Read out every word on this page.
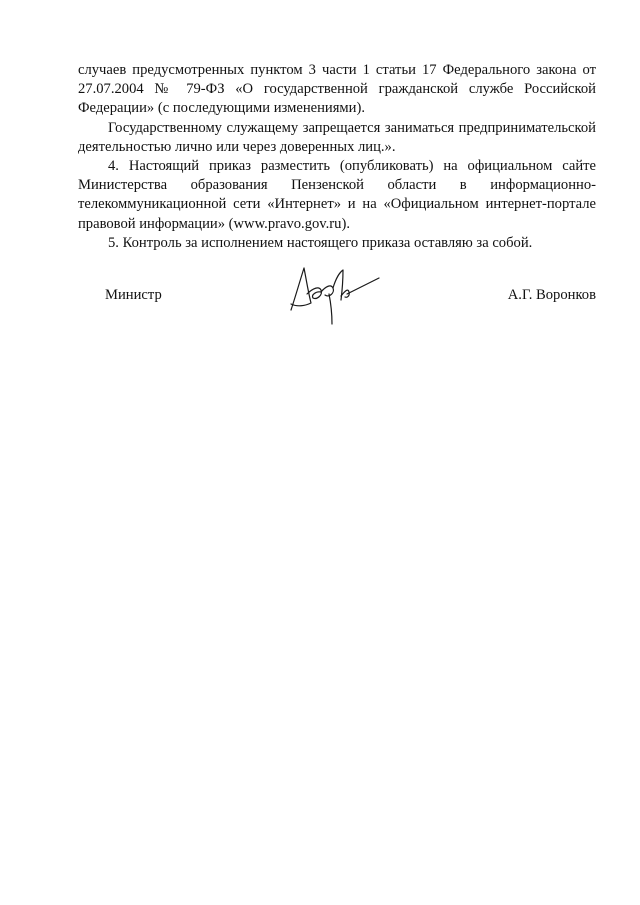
случаев предусмотренных пунктом 3 части 1 статьи 17 Федерального закона от 27.07.2004 № 79-ФЗ «О государственной гражданской службе Российской Федерации» (с последующими изменениями).

Государственному служащему запрещается заниматься предпринимательской деятельностью лично или через доверенных лиц.».

4. Настоящий приказ разместить (опубликовать) на официальном сайте Министерства образования Пензенской области в информационно-телекоммуникационной сети «Интернет» и на «Официальном интернет-портале правовой информации» (www.pravo.gov.ru).

5. Контроль за исполнением настоящего приказа оставляю за собой.

Министр	А.Г. Воронков
